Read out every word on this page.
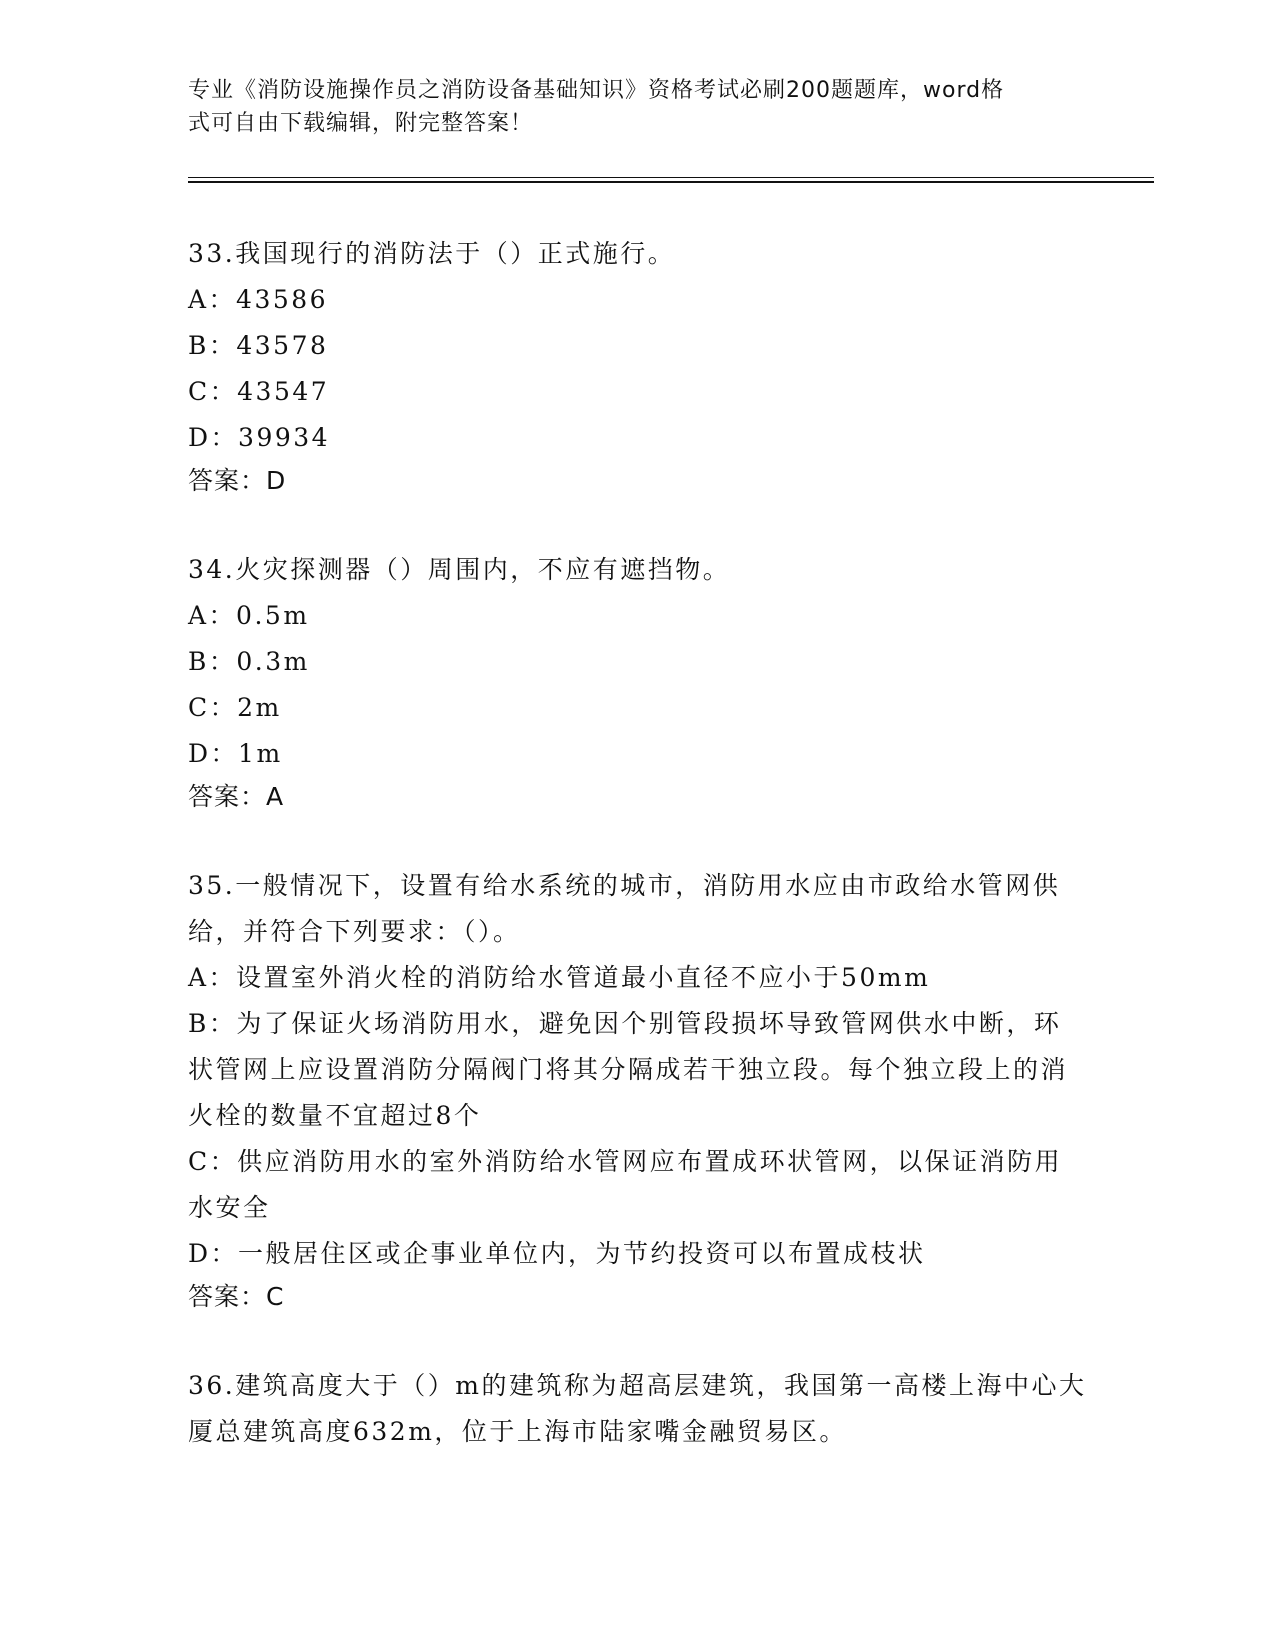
专业《消防设施操作员之消防设备基础知识》资格考试必刷200题题库，word格
式可自由下载编辑，附完整答案！
33.我国现行的消防法于（）正式施行。
A：43586
B：43578
C：43547
D：39934
答案：D
34.火灾探测器（）周围内，不应有遮挡物。
A：0.5m
B：0.3m
C：2m
D：1m
答案：A
35.一般情况下，设置有给水系统的城市，消防用水应由市政给水管网供给，并符合下列要求：（）。
A：设置室外消火栓的消防给水管道最小直径不应小于50mm
B：为了保证火场消防用水，避免因个别管段损坏导致管网供水中断，环状管网上应设置消防分隔阀门将其分隔成若干独立段。每个独立段上的消火栓的数量不宜超过8个
C：供应消防用水的室外消防给水管网应布置成环状管网，以保证消防用水安全
D：一般居住区或企事业单位内，为节约投资可以布置成枝状
答案：C
36.建筑高度大于（）m的建筑称为超高层建筑，我国第一高楼上海中心大厦总建筑高度632m，位于上海市陆家嘴金融贸易区。
